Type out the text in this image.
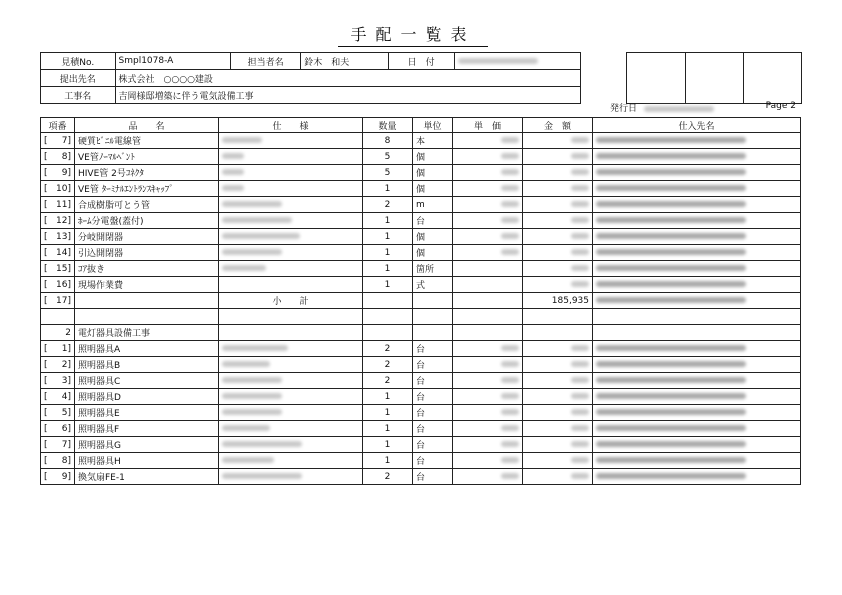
手配一覧表
見積No.	Smpl1078-A	担当者名	鈴木　和夫	日　付	
提出先名	株式会社　○○○○建設				
工事名	吉岡様邸増築に伴う電気設備工事				
発行日	Page 2
項番	品　　名	仕　　様	数量	単位	単　価	金　額	仕入先名

[ 7]	硬質ﾋﾞﾆﾙ電線管		8	本			

[ 8]	VE管ﾉｰﾏﾙﾍﾞﾝﾄ		5	個			

[ 9]	HIVE管 2号ｺﾈｸﾀ		5	個			

[ 10]	VE管 ﾀｰﾐﾅﾙｴﾝﾄﾗﾝｽｷｬｯﾌﾟ		1	個			

[ 11]	合成樹脂可とう管		2	m			

[ 12]	ﾎｰﾑ分電盤(蓋付)		1	台			

[ 13]	分岐開閉器		1	個			

[ 14]	引込開閉器		1	個			

[ 15]	ｺｱ抜き		1	箇所			

[ 16]	現場作業費		1	式			

[ 17]		小　　計				185,935	

2	電灯器具設備工事						

[ 1]	照明器具A		2	台			

[ 2]	照明器具B		2	台			

[ 3]	照明器具C		2	台			

[ 4]	照明器具D		1	台			

[ 5]	照明器具E		1	台			

[ 6]	照明器具F		1	台			

[ 7]	照明器具G		1	台			

[ 8]	照明器具H		1	台			

[ 9]	換気扇FE-1		2	台			
